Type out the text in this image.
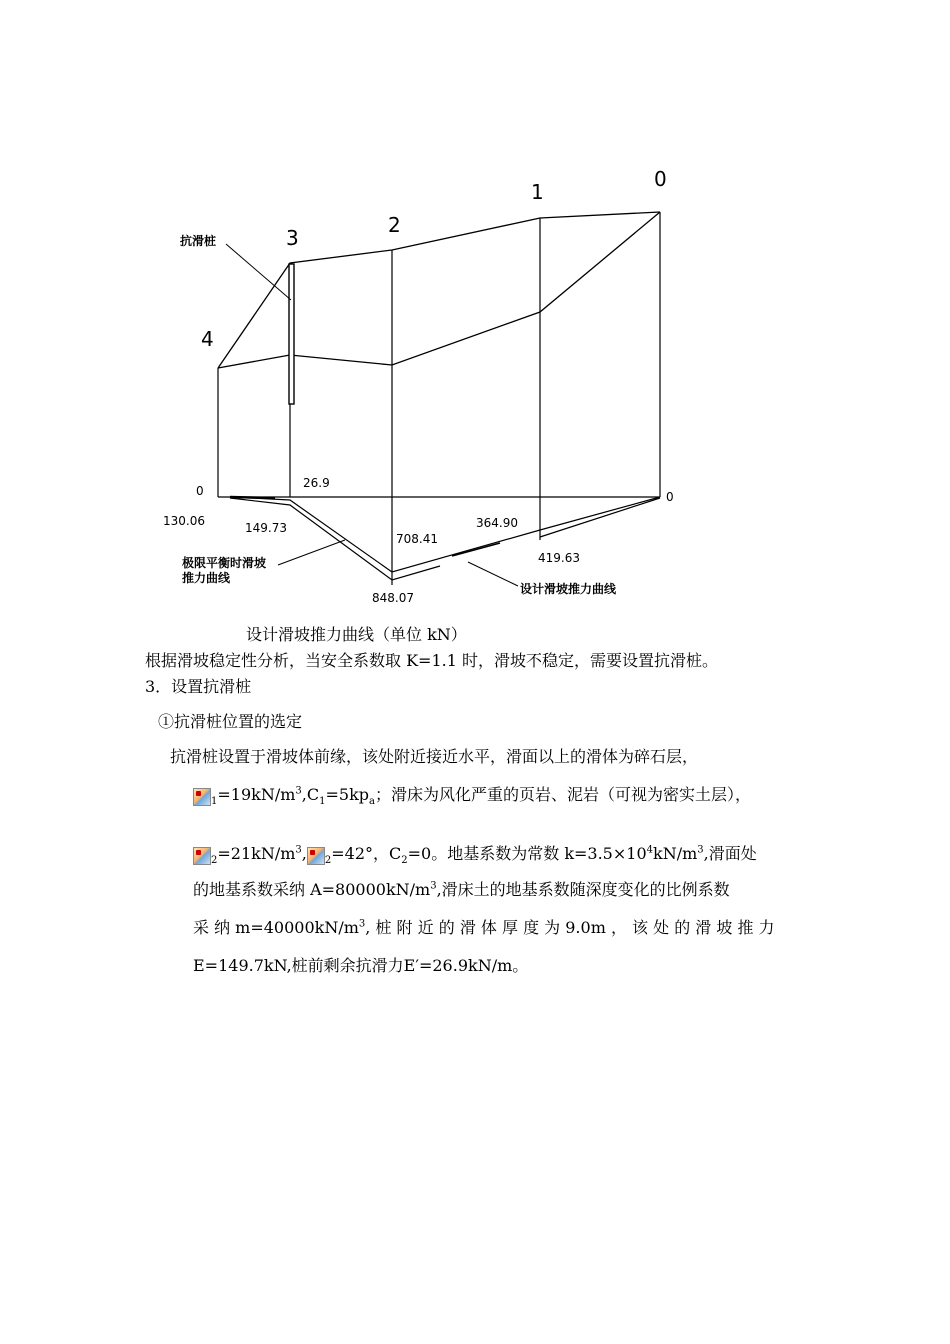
0
1
2
3
4
抗滑桩
极限平衡时滑坡
推力曲线
设计滑坡推力曲线
0	0
26.9
130.06	149.73
708.41
364.90
419.63
848.07
设计滑坡推力曲线（单位 kN）
根据滑坡稳定性分析，当安全系数取 K=1.1 时，滑坡不稳定，需要设置抗滑桩。
3．设置抗滑桩
①抗滑桩位置的选定
抗滑桩设置于滑坡体前缘，该处附近接近水平，滑面以上的滑体为碎石层，
$_1=19kN/m^3,C_1=5kp_a$；滑床为风化严重的页岩、泥岩（可视为密实土层），
$_2=21kN/m^3$, $_2$=42°，$C_2=0$。地基系数为常数 $k=3.5\times 10^4kN/m^3$,滑面处
的地基系数采纳 $A=80000kN/m^3$,滑床土的地基系数随深度变化的比例系数
采 纳 $m=40000kN/m^3$, 桩 附 近 的 滑 体 厚 度 为 9.0m ， 该 处 的 滑 坡 推 力
E=149.7kN,桩前剩余抗滑力E′=26.9kN/m。
